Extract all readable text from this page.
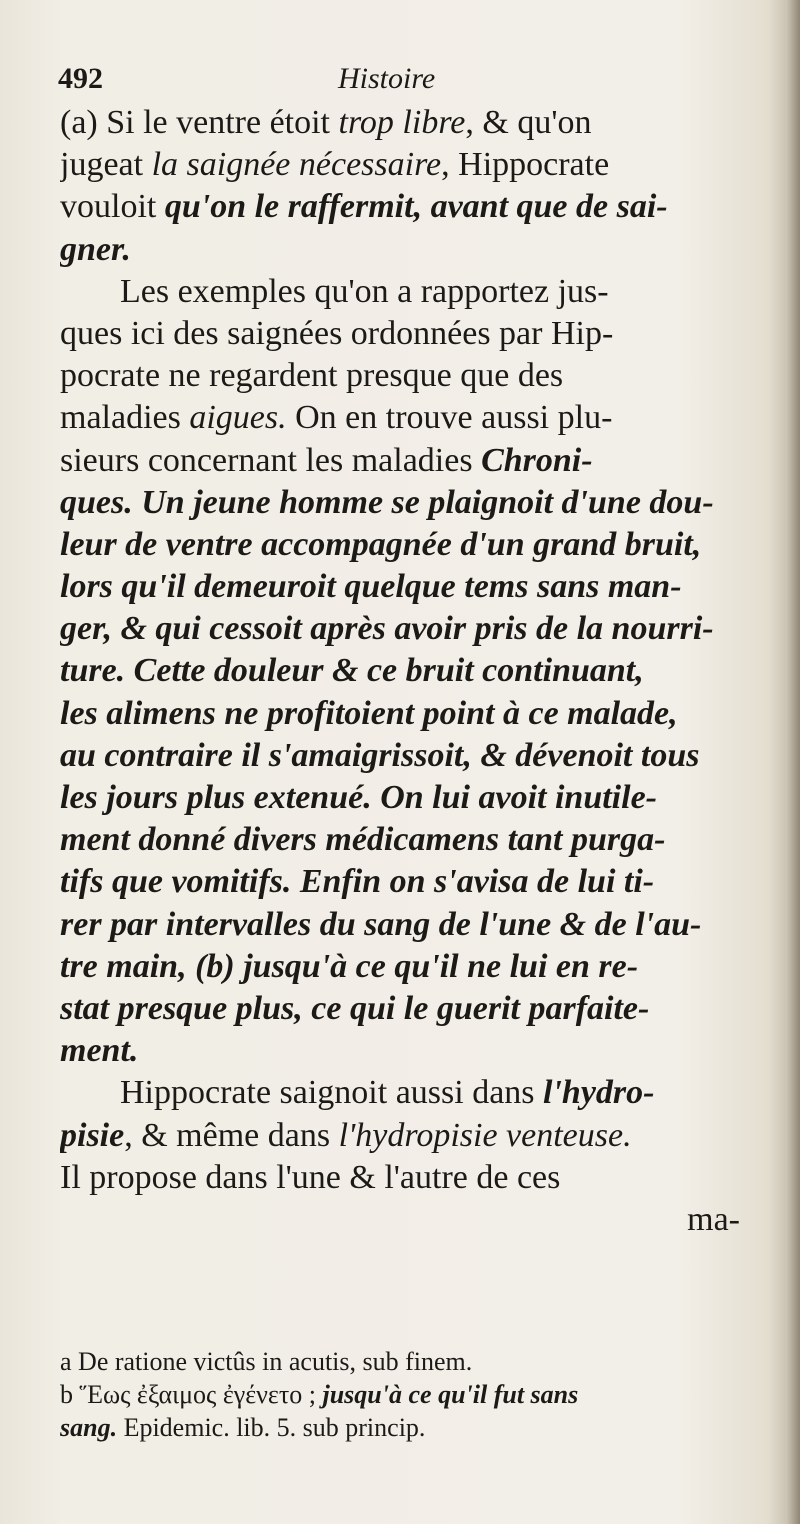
492	Histoire
(a) Si le ventre étoit trop libre, & qu'on
jugeat la saignée nécessaire, Hippocrate
vouloit qu'on le raffermit, avant que de sai-
gner.
Les exemples qu'on a rapportez jus-
ques ici des saignées ordonnées par Hip-
pocrate ne regardent presque que des
maladies aigues. On en trouve aussi plu-
sieurs concernant les maladies Chroni-
ques. Un jeune homme se plaignoit d'une dou-
leur de ventre accompagnée d'un grand bruit,
lors qu'il demeuroit quelque tems sans man-
ger, & qui cessoit après avoir pris de la nourri-
ture. Cette douleur & ce bruit continuant,
les alimens ne profitoient point à ce malade,
au contraire il s'amaigrissoit, & dévenoit tous
les jours plus extenué. On lui avoit inutile-
ment donné divers médicamens tant purga-
tifs que vomitifs. Enfin on s'avisa de lui ti-
rer par intervalles du sang de l'une & de l'au-
tre main, (b) jusqu'à ce qu'il ne lui en re-
stat presque plus, ce qui le guerit parfaite-
ment.
Hippocrate saignoit aussi dans l'hydro-
pisie, & même dans l'hydropisie venteuse.
Il propose dans l'une & l'autre de ces
ma-
a De ratione victûs in acutis, sub finem.
b Ἕως ἐξαιμος ἐγένετο ; jusqu'à ce qu'il fut sans
sang. Epidemic. lib. 5. sub princip.
